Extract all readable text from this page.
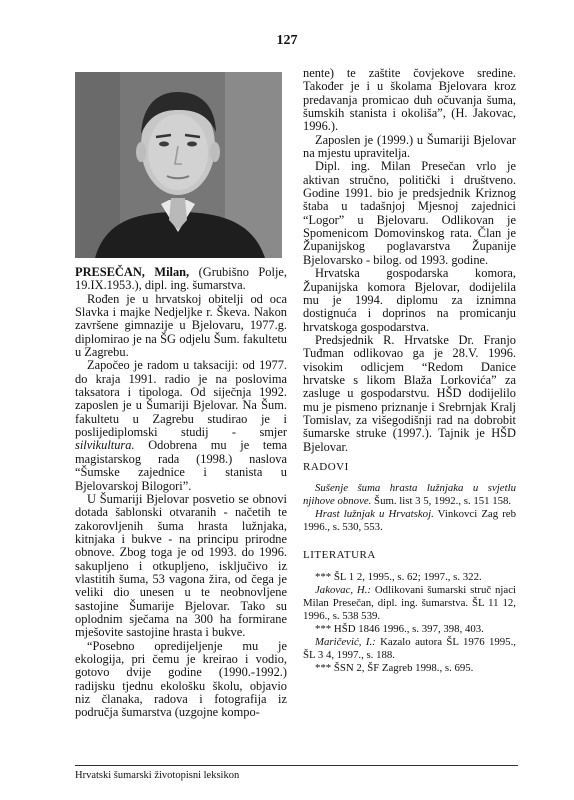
127

PRESEČAN, Milan, (Grubišno Polje, 19.IX.1953.), dipl. ing. šumarstva.

Rođen je u hrvatskoj obitelji od oca Slavka i majke Nedjeljke r. Škeva. Nakon završene gimnazije u Bjelovaru, 1977.g. diplomirao je na ŠG odjelu Šum. fakultetu u Zagrebu.

Započeo je radom u taksaciji: od 1977. do kraja 1991. radio je na poslovima taksatora i tipologa. Od siječnja 1992. zaposlen je u Šumariji Bjelovar. Na Šum. fakultetu u Zagrebu studirao je i poslijediplomski studij - smjer silvikultura. Odobrena mu je tema magistarskog rada (1998.) naslova “Šumske zajednice i stanista u Bjelovarskoj Bilogori”.

U Šumariji Bjelovar posvetio se obnovi dotada šablonski otvaranih - načetih te zakorovljenih šuma hrasta lužnjaka, kitnjaka i bukve - na principu prirodne obnove. Zbog toga je od 1993. do 1996. sakupljeno i otkupljeno, isključivo iz vlastitih šuma, 53 vagona žira, od čega je veliki dio unesen u te neobnovljene sastojine Šumarije Bjelovar. Tako su oplodnim sječama na 300 ha formirane mješovite sastojine hrasta i bukve.

“Posebno opredijeljenje mu je ekologija, pri čemu je kreirao i vodio, gotovo dvije godine (1990.-1992.) radijsku tjednu ekološku školu, objavio niz članaka, radova i fotografija iz područja šumarstva (uzgojne kompo-

nente) te zaštite čovjekove sredine. Također je i u školama Bjelovara kroz predavanja promicao duh očuvanja šuma, šumskih stanista i okoliša”, (H. Jakovac, 1996.).

Zaposlen je (1999.) u Šumariji Bjelovar na mjestu upravitelja.

Dipl. ing. Milan Presečan vrlo je aktivan stručno, politički i društveno. Godine 1991. bio je predsjednik Kriznog štaba u tadašnjoj Mjesnoj zajednici “Logor” u Bjelovaru. Odlikovan je Spomenicom Domovinskog rata. Član je Županijskog poglavarstva Županije Bjelovarsko - bilog. od 1993. godine.

Hrvatska gospodarska komora, Županijska komora Bjelovar, dodijelila mu je 1994. diplomu za iznimna dostignuća i doprinos na promicanju hrvatskoga gospodarstva.

Predsjednik R. Hrvatske Dr. Franjo Tuđman odlikovao ga je 28.V. 1996. visokim odlicjem “Redom Danice hrvatske s likom Blaža Lorkovića” za zasluge u gospodarstvu. HŠD dodijelilo mu je pismeno priznanje i Srebrnjak Kralj Tomislav, za višegodišnji rad na dobrobit šumarske struke (1997.). Tajnik je HŠD Bjelovar.

RADOVI

Sušenje šuma hrasta lužnjaka u svjetlu njihove obnove. Šum. list 3 5, 1992., s. 151 158.

Hrast lužnjak u Hrvatskoj. Vinkovci Zag reb 1996., s. 530, 553.

LITERATURA

*** ŠL 1 2, 1995., s. 62; 1997., s. 322.

Jakovac, H.: Odlikovani šumarski struč njaci Milan Presečan, dipl. ing. šumarstva. ŠL 11 12, 1996., s. 538 539.

*** HŠD 1846 1996., s. 397, 398, 403.

Maričević, I.: Kazalo autora ŠL 1976 1995., ŠL 3 4, 1997., s. 188.

*** ŠSN 2, ŠF Zagreb 1998., s. 695.

Hrvatski šumarski životopisni leksikon
